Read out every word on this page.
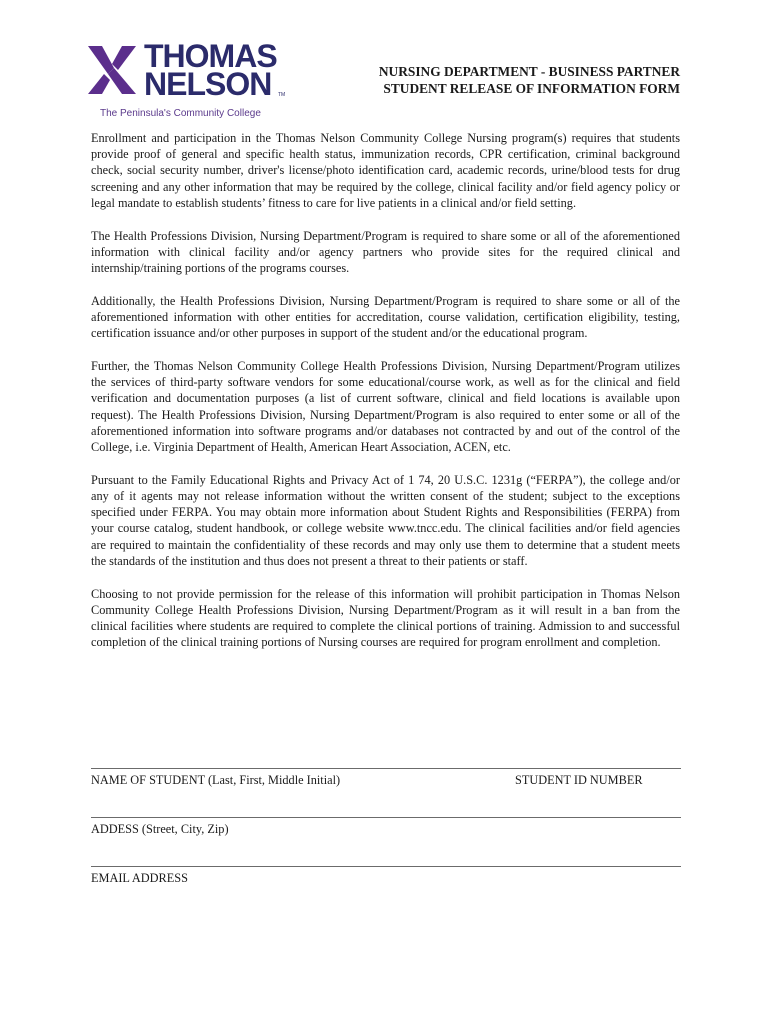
THOMAS
NELSON TM
The Peninsula's Community College
NURSING DEPARTMENT - BUSINESS PARTNER
STUDENT RELEASE OF INFORMATION FORM

Enrollment and participation in the Thomas Nelson Community College Nursing program(s) requires that students provide proof of general and specific health status, immunization records, CPR certification, criminal background check, social security number, driver's license/photo identification card, academic records, urine/blood tests for drug screening and any other information that may be required by the college, clinical facility and/or field agency policy or legal mandate to establish students’ fitness to care for live patients in a clinical and/or field setting.

The Health Professions Division, Nursing Department/Program is required to share some or all of the aforementioned information with clinical facility and/or agency partners who provide sites for the required clinical and internship/training portions of the programs courses.

Additionally, the Health Professions Division, Nursing Department/Program is required to share some or all of the aforementioned information with other entities for accreditation, course validation, certification eligibility, testing, certification issuance and/or other purposes in support of the student and/or the educational program.

Further, the Thomas Nelson Community College Health Professions Division, Nursing Department/Program utilizes the services of third-party software vendors for some educational/course work, as well as for the clinical and field verification and documentation purposes (a list of current software, clinical and field locations is available upon request). The Health Professions Division, Nursing Department/Program is also required to enter some or all of the aforementioned information into software programs and/or databases not contracted by and out of the control of the College, i.e. Virginia Department of Health, American Heart Association, ACEN, etc.

Pursuant to the Family Educational Rights and Privacy Act of 1 74, 20 U.S.C. 1231g (“FERPA”), the college and/or any of it agents may not release information without the written consent of the student; subject to the exceptions specified under FERPA. You may obtain more information about Student Rights and Responsibilities (FERPA) from your course catalog, student handbook, or college website www.tncc.edu. The clinical facilities and/or field agencies are required to maintain the confidentiality of these records and may only use them to determine that a student meets the standards of the institution and thus does not present a threat to their patients or staff.

Choosing to not provide permission for the release of this information will prohibit participation in Thomas Nelson Community College Health Professions Division, Nursing Department/Program as it will result in a ban from the clinical facilities where students are required to complete the clinical portions of training. Admission to and successful completion of the clinical training portions of Nursing courses are required for program enrollment and completion.

NAME OF STUDENT (Last, First, Middle Initial)	STUDENT ID NUMBER
ADDESS (Street, City, Zip)
EMAIL ADDRESS
